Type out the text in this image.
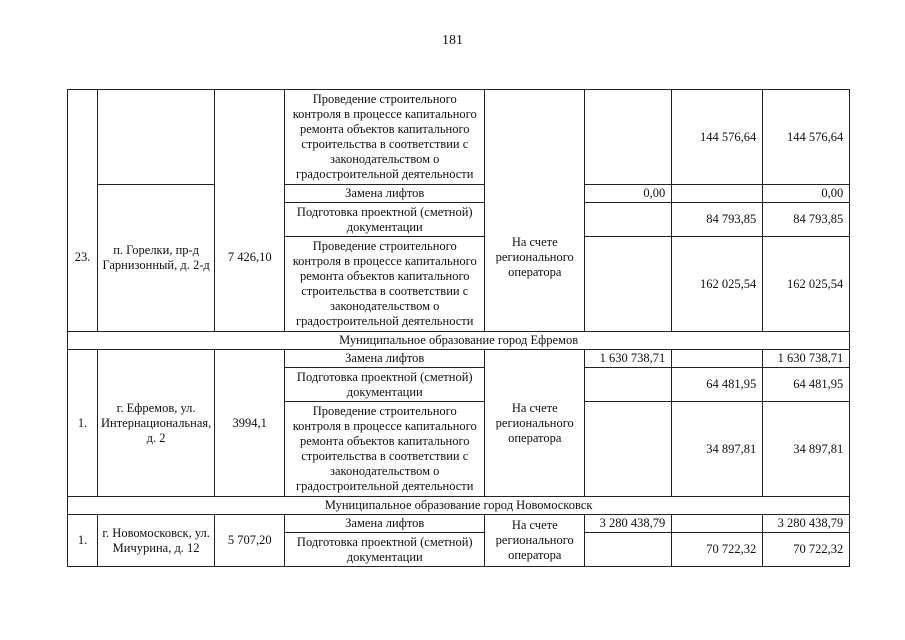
181
			Проведение строительного контроля в процессе капитального ремонта объектов капитального строительства в соответствии с законодательством о градостроительной деятельности			144 576,64	144 576,64
23.	п. Горелки, пр-д Гарнизонный, д. 2-д	7 426,10	Замена лифтов	На счете регионального оператора	0,00		0,00
			Подготовка проектной (сметной) документации			84 793,85	84 793,85
			Проведение строительного контроля в процессе капитального ремонта объектов капитального строительства в соответствии с законодательством о градостроительной деятельности			162 025,54	162 025,54
Муниципальное образование город Ефремов							
1.	г. Ефремов, ул. Интернациональная, д. 2	3994,1	Замена лифтов	На счете регионального оператора	1 630 738,71		1 630 738,71
			Подготовка проектной (сметной) документации			64 481,95	64 481,95
			Проведение строительного контроля в процессе капитального ремонта объектов капитального строительства в соответствии с законодательством о градостроительной деятельности			34 897,81	34 897,81
Муниципальное образование город Новомосковск							
1.	г. Новомосковск, ул. Мичурина, д. 12	5 707,20	Замена лифтов	На счете регионального оператора	3 280 438,79		3 280 438,79
			Подготовка проектной (сметной) документации			70 722,32	70 722,32
